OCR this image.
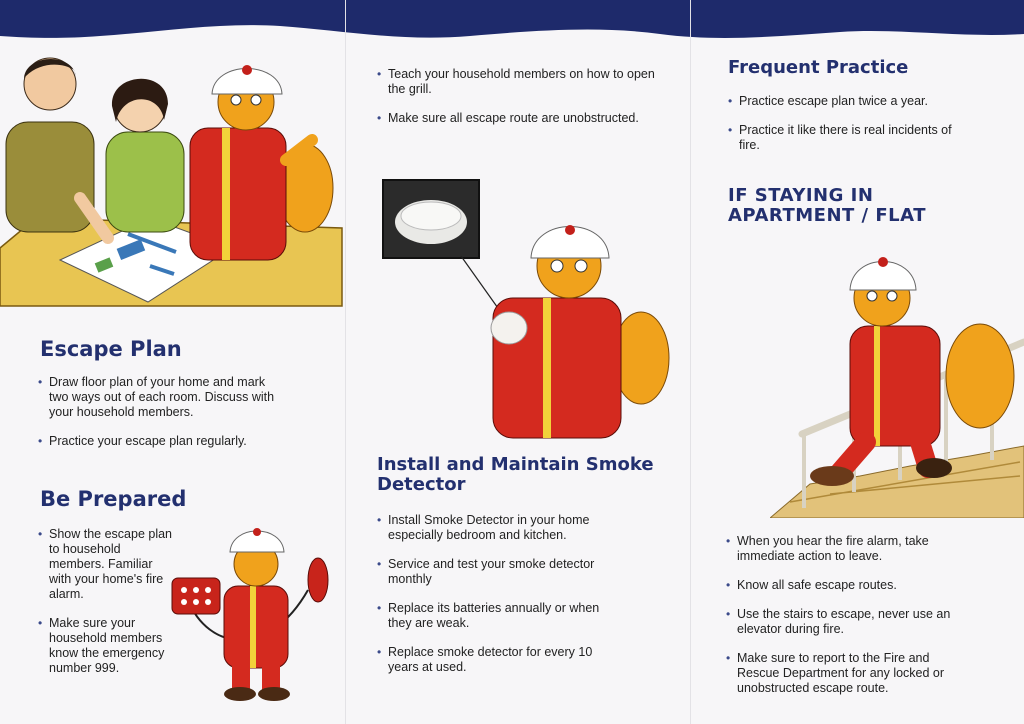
Escape Plan
• Draw floor plan of your home and mark two ways out of each room. Discuss with your household members.
• Practice your escape plan regularly.
Be Prepared
• Show the escape plan to household members. Familiar with your home's fire alarm.
• Make sure your household members know the emergency number 999.
• Teach your household members on how to open the grill.
• Make sure all escape route are unobstructed.
Install and Maintain Smoke Detector
• Install Smoke Detector in your home especially bedroom and kitchen.
• Service and test your smoke detector monthly
• Replace its batteries annually or when they are weak.
• Replace smoke detector for every 10 years at used.
Frequent Practice
• Practice escape plan twice a year.
• Practice it like there is real incidents of fire.
IF STAYING IN
APARTMENT / FLAT
• When you hear the fire alarm, take immediate action to leave.
• Know all safe escape routes.
• Use the stairs to escape, never use an elevator during fire.
• Make sure to report to the Fire and Rescue Department for any locked or unobstructed escape route.
